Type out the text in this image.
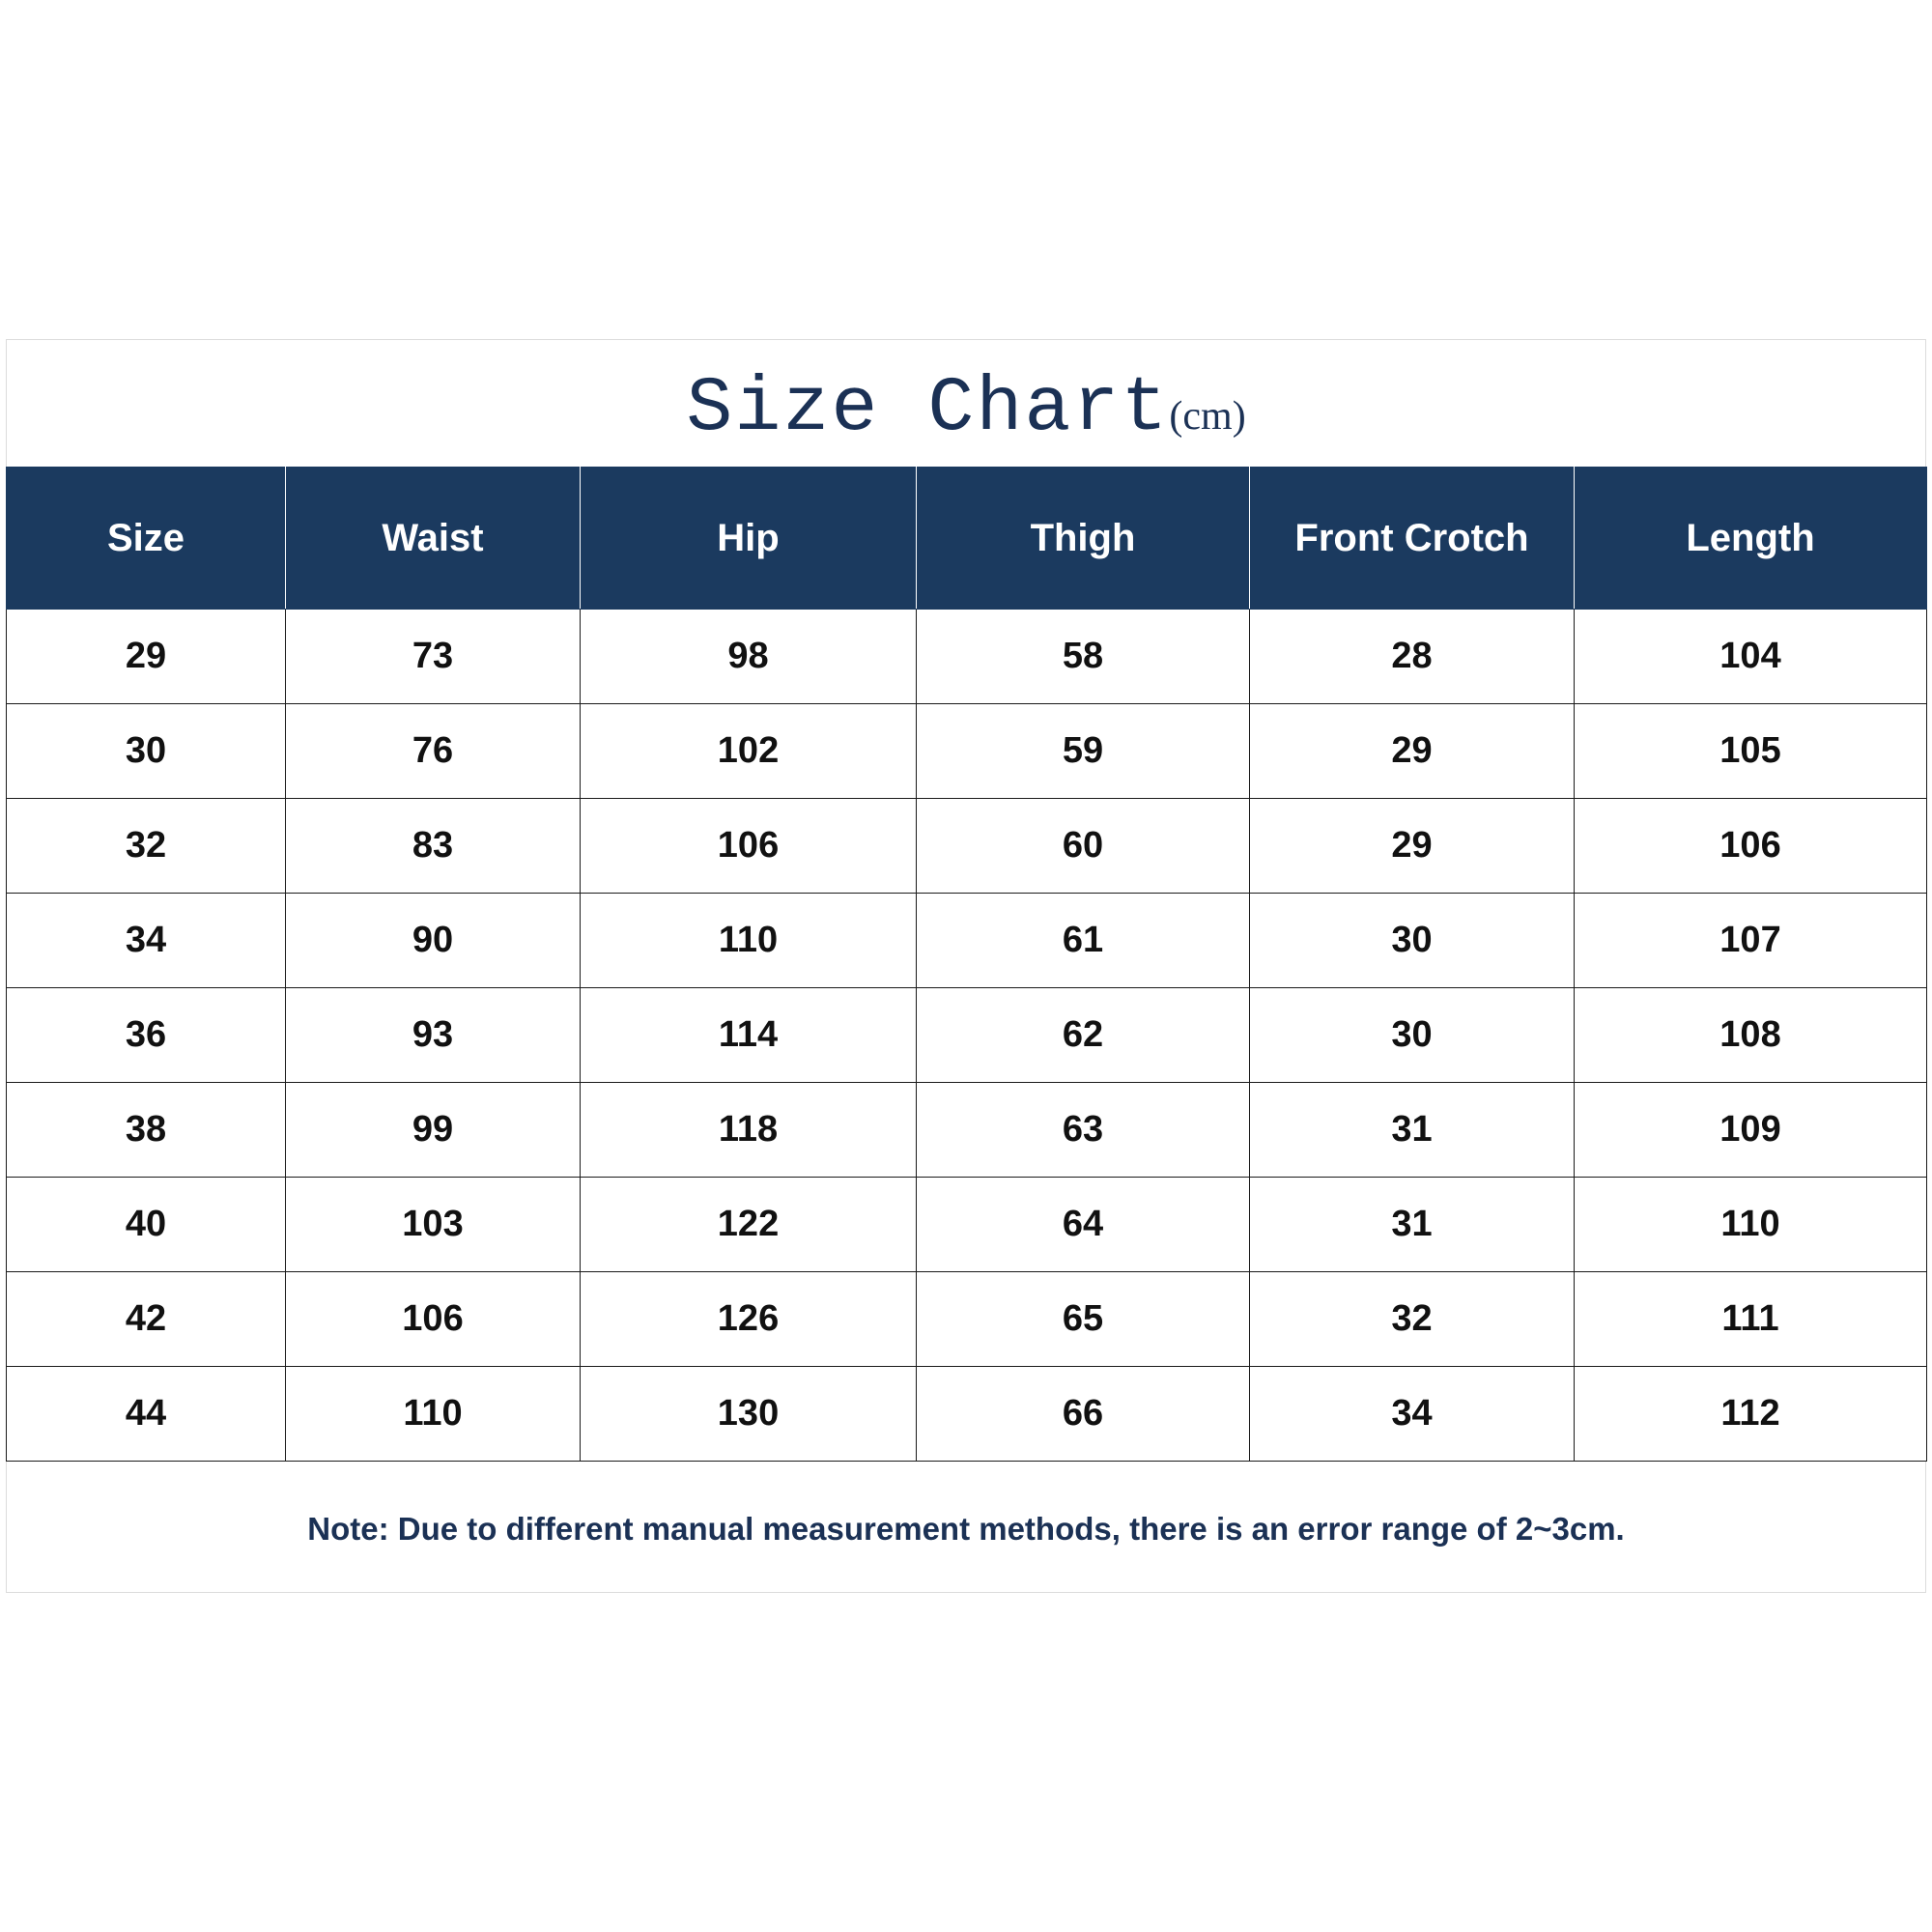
Size Chart(cm)
Size	Waist	Hip	Thigh	Front Crotch	Length
29	73	98	58	28	104
30	76	102	59	29	105
32	83	106	60	29	106
34	90	110	61	30	107
36	93	114	62	30	108
38	99	118	63	31	109
40	103	122	64	31	110
42	106	126	65	32	111
44	110	130	66	34	112
Note: Due to different manual measurement methods, there is an error range of 2~3cm.
